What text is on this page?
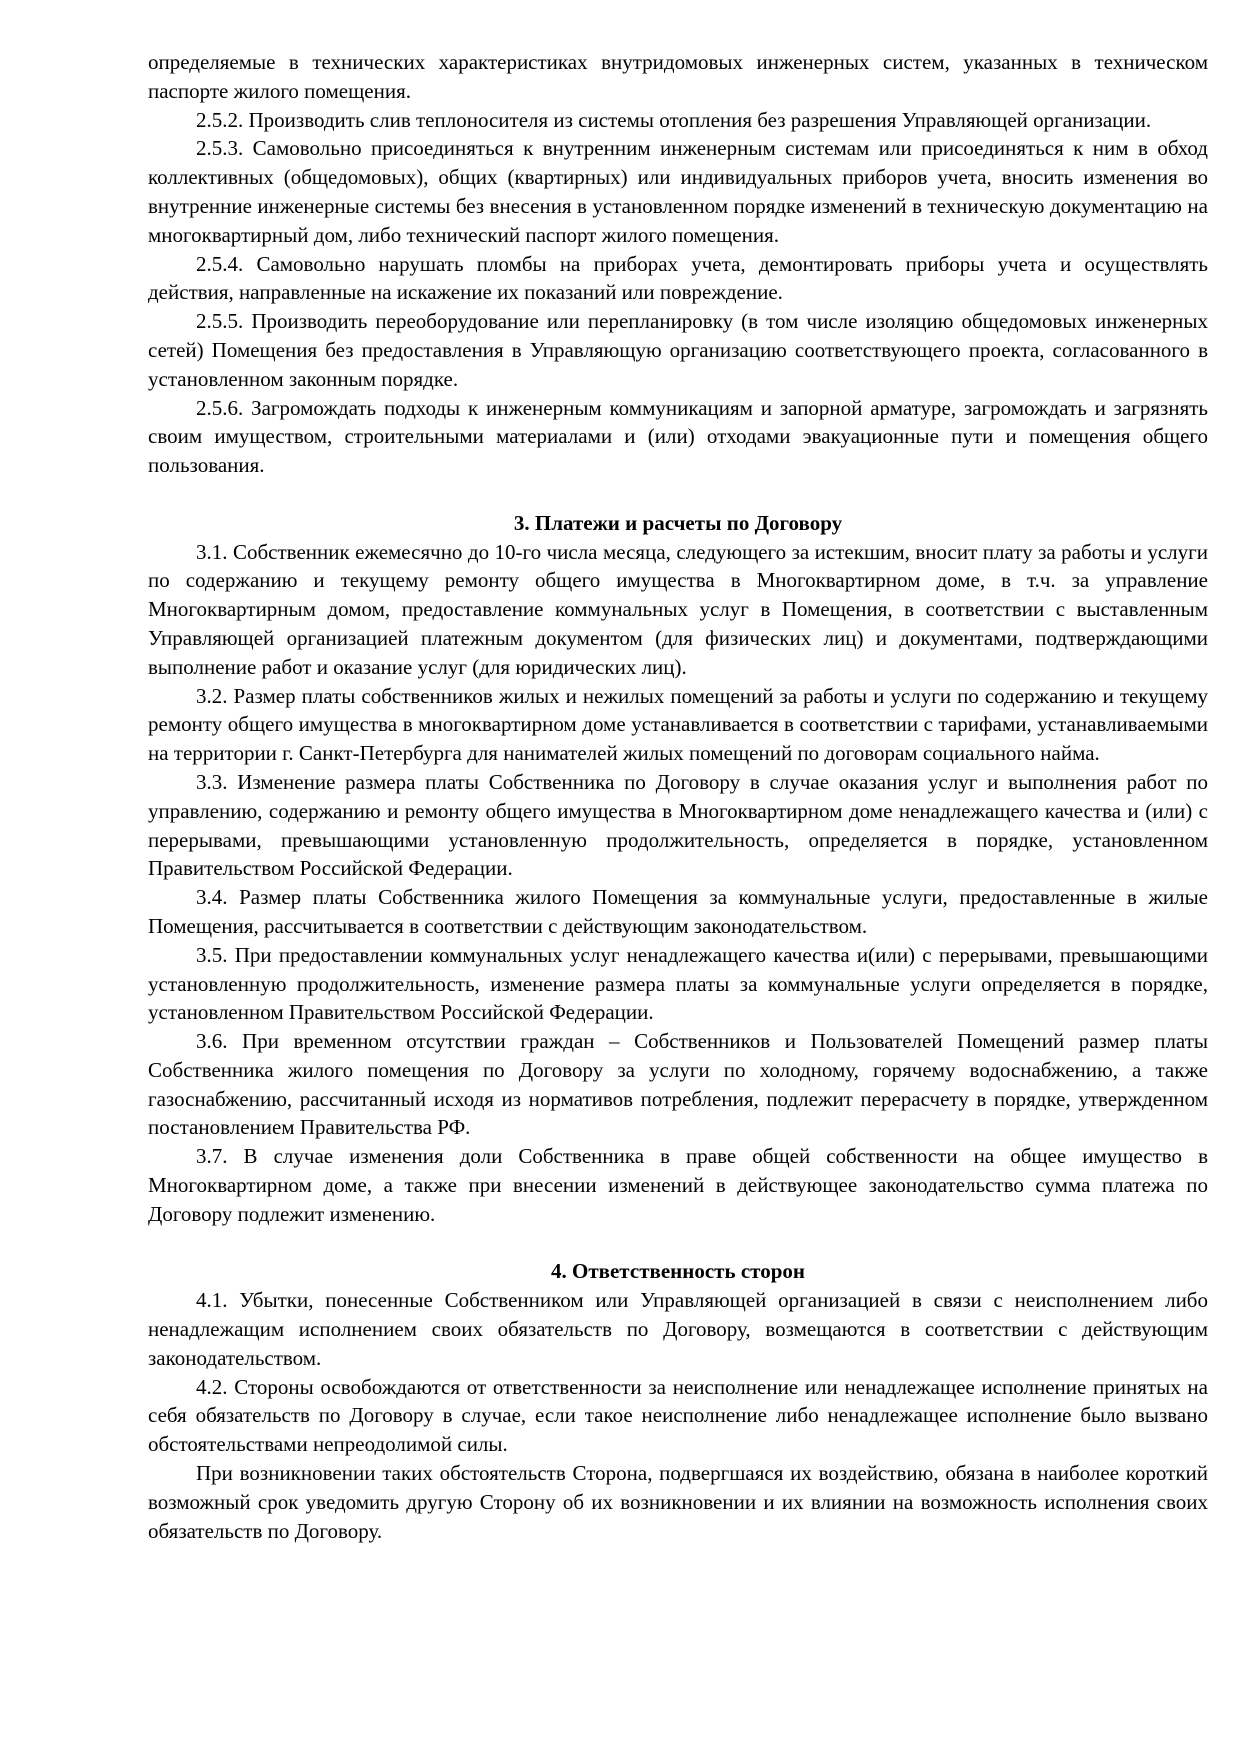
определяемые в технических характеристиках внутридомовых инженерных систем, указанных в техническом паспорте жилого помещения.

2.5.2. Производить слив теплоносителя из системы отопления без разрешения Управляющей организации.

2.5.3. Самовольно присоединяться к внутренним инженерным системам или присоединяться к ним в обход коллективных (общедомовых), общих (квартирных) или индивидуальных приборов учета, вносить изменения во внутренние инженерные системы без внесения в установленном порядке изменений в техническую документацию на многоквартирный дом, либо технический паспорт жилого помещения.

2.5.4. Самовольно нарушать пломбы на приборах учета, демонтировать приборы учета и осуществлять действия, направленные на искажение их показаний или повреждение.

2.5.5. Производить переоборудование или перепланировку (в том числе изоляцию общедомовых инженерных сетей) Помещения без предоставления в Управляющую организацию соответствующего проекта, согласованного в установленном законным порядке.

2.5.6. Загромождать подходы к инженерным коммуникациям и запорной арматуре, загромождать и загрязнять своим имуществом, строительными материалами и (или) отходами эвакуационные пути и помещения общего пользования.

3. Платежи и расчеты по Договору

3.1. Собственник ежемесячно до 10-го числа месяца, следующего за истекшим, вносит плату за работы и услуги по содержанию и текущему ремонту общего имущества в Многоквартирном доме, в т.ч. за управление Многоквартирным домом, предоставление коммунальных услуг в Помещения, в соответствии с выставленным Управляющей организацией платежным документом (для физических лиц) и документами, подтверждающими выполнение работ и оказание услуг (для юридических лиц).

3.2. Размер платы собственников жилых и нежилых помещений за работы и услуги по содержанию и текущему ремонту общего имущества в многоквартирном доме устанавливается в соответствии с тарифами, устанавливаемыми на территории г. Санкт-Петербурга для нанимателей жилых помещений по договорам социального найма.

3.3. Изменение размера платы Собственника по Договору в случае оказания услуг и выполнения работ по управлению, содержанию и ремонту общего имущества в Многоквартирном доме ненадлежащего качества и (или) с перерывами, превышающими установленную продолжительность, определяется в порядке, установленном Правительством Российской Федерации.

3.4. Размер платы Собственника жилого Помещения за коммунальные услуги, предоставленные в жилые Помещения, рассчитывается в соответствии с действующим законодательством.

3.5. При предоставлении коммунальных услуг ненадлежащего качества и(или) с перерывами, превышающими установленную продолжительность, изменение размера платы за коммунальные услуги определяется в порядке, установленном Правительством Российской Федерации.

3.6. При временном отсутствии граждан – Собственников и Пользователей Помещений размер платы Собственника жилого помещения по Договору за услуги по холодному, горячему водоснабжению, а также газоснабжению, рассчитанный исходя из нормативов потребления, подлежит перерасчету в порядке, утвержденном постановлением Правительства РФ.

3.7. В случае изменения доли Собственника в праве общей собственности на общее имущество в Многоквартирном доме, а также при внесении изменений в действующее законодательство сумма платежа по Договору подлежит изменению.

4. Ответственность сторон

4.1. Убытки, понесенные Собственником или Управляющей организацией в связи с неисполнением либо ненадлежащим исполнением своих обязательств по Договору, возмещаются в соответствии с действующим законодательством.

4.2. Стороны освобождаются от ответственности за неисполнение или ненадлежащее исполнение принятых на себя обязательств по Договору в случае, если такое неисполнение либо ненадлежащее исполнение было вызвано обстоятельствами непреодолимой силы.

При возникновении таких обстоятельств Сторона, подвергшаяся их воздействию, обязана в наиболее короткий возможный срок уведомить другую Сторону об их возникновении и их влиянии на возможность исполнения своих обязательств по Договору.
